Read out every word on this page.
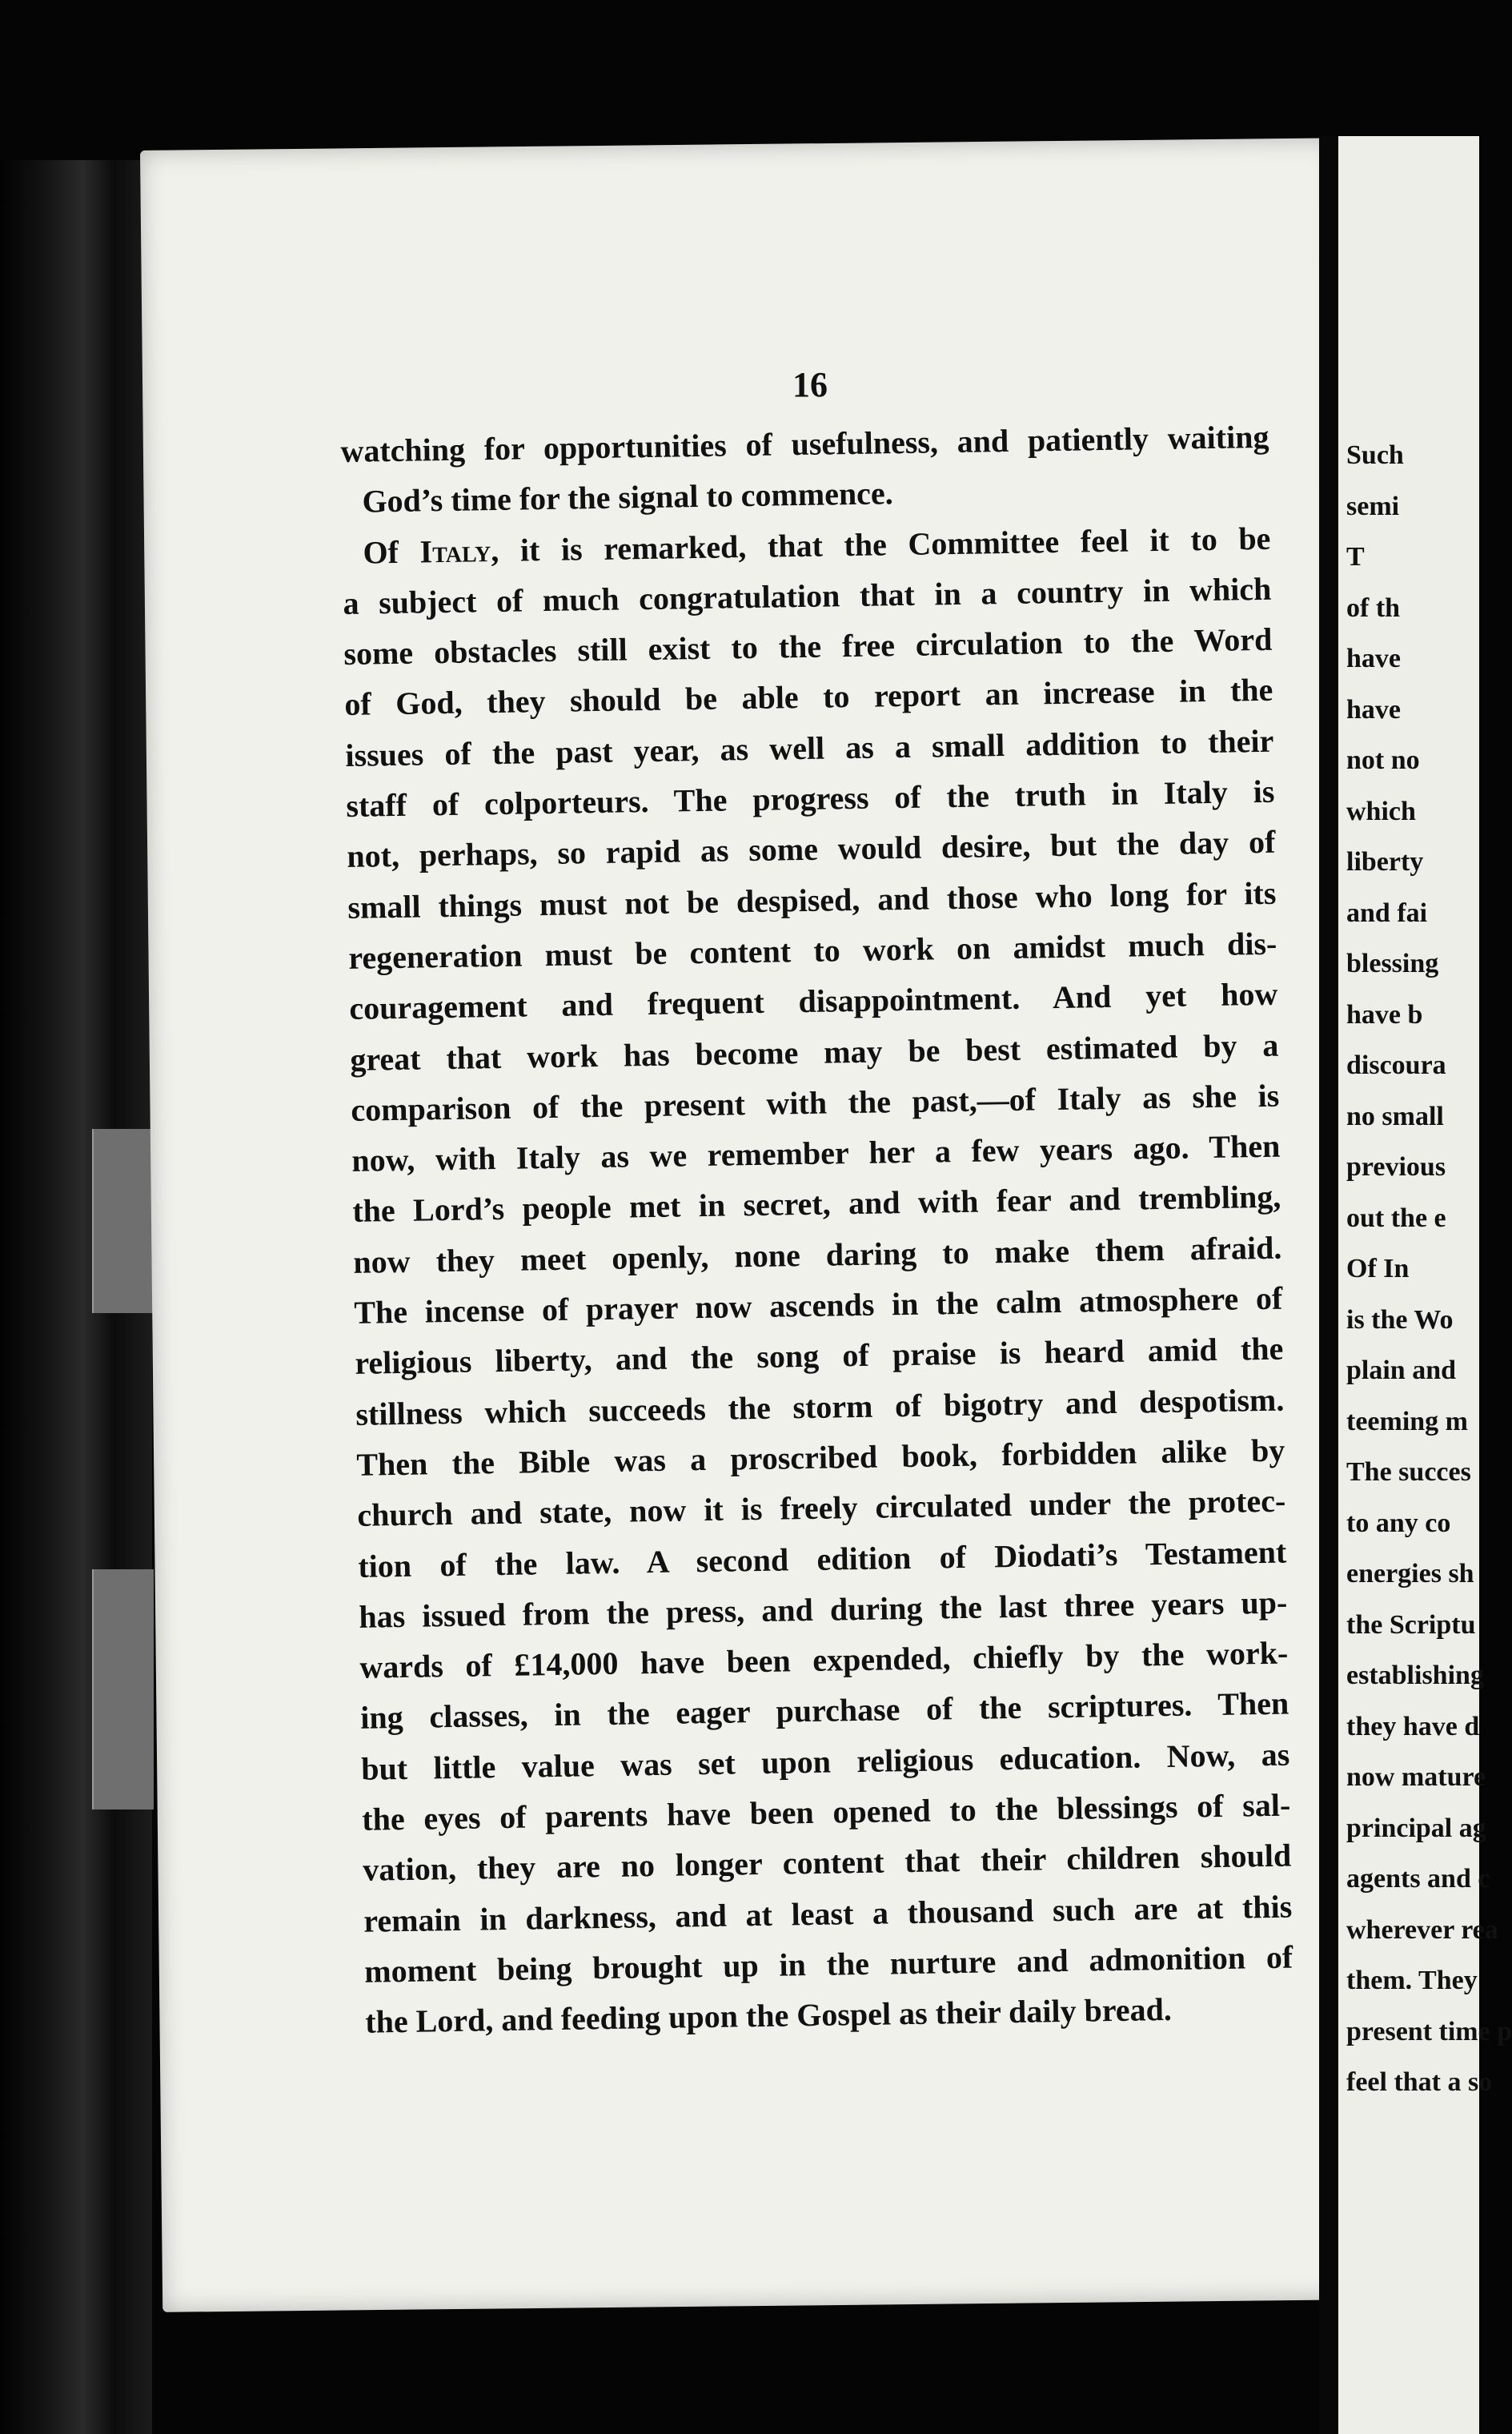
16
watching for opportunities of usefulness, and patiently waiting
God’s time for the signal to commence.
Of Italy, it is remarked, that the Committee feel it to be
a subject of much congratulation that in a country in which
some obstacles still exist to the free circulation to the Word
of God, they should be able to report an increase in the
issues of the past year, as well as a small addition to their
staff of colporteurs. The progress of the truth in Italy is
not, perhaps, so rapid as some would desire, but the day of
small things must not be despised, and those who long for its
regeneration must be content to work on amidst much dis-
couragement and frequent disappointment. And yet how
great that work has become may be best estimated by a
comparison of the present with the past,—of Italy as she is
now, with Italy as we remember her a few years ago. Then
the Lord’s people met in secret, and with fear and trembling,
now they meet openly, none daring to make them afraid.
The incense of prayer now ascends in the calm atmosphere of
religious liberty, and the song of praise is heard amid the
stillness which succeeds the storm of bigotry and despotism.
Then the Bible was a proscribed book, forbidden alike by
church and state, now it is freely circulated under the protec-
tion of the law. A second edition of Diodati’s Testament
has issued from the press, and during the last three years up-
wards of £14,000 have been expended, chiefly by the work-
ing classes, in the eager purchase of the scriptures. Then
but little value was set upon religious education. Now, as
the eyes of parents have been opened to the blessings of sal-
vation, they are no longer content that their children should
remain in darkness, and at least a thousand such are at this
moment being brought up in the nurture and admonition of
the Lord, and feeding upon the Gospel as their daily bread.
Such
semi
T
of th
have
have
not no
which
liberty
and fai
blessing
have b
discoura
no small
previous
out the e
Of In
is the Wo
plain and
teeming m
The succes
to any co
energies sh
the Scriptu
establishing
they have d
now mature
principal ag
agents and c
wherever rea
them. They
present time p
feel that a so
